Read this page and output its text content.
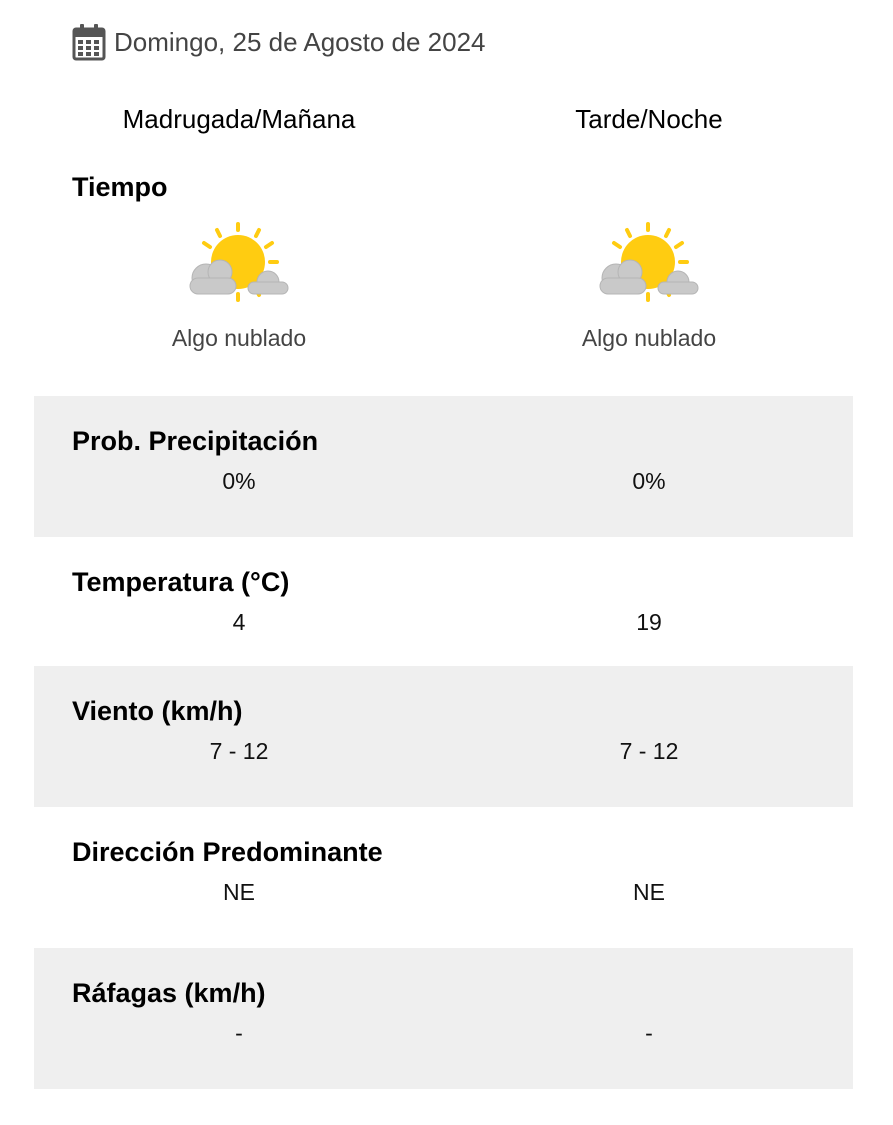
Domingo, 25 de Agosto de 2024
Madrugada/Mañana	Tarde/Noche
Tiempo
Algo nublado	Algo nublado
Prob. Precipitación
0%	0%
Temperatura (°C)
4	19
Viento (km/h)
7 - 12	7 - 12
Dirección Predominante
NE	NE
Ráfagas (km/h)
-	-
